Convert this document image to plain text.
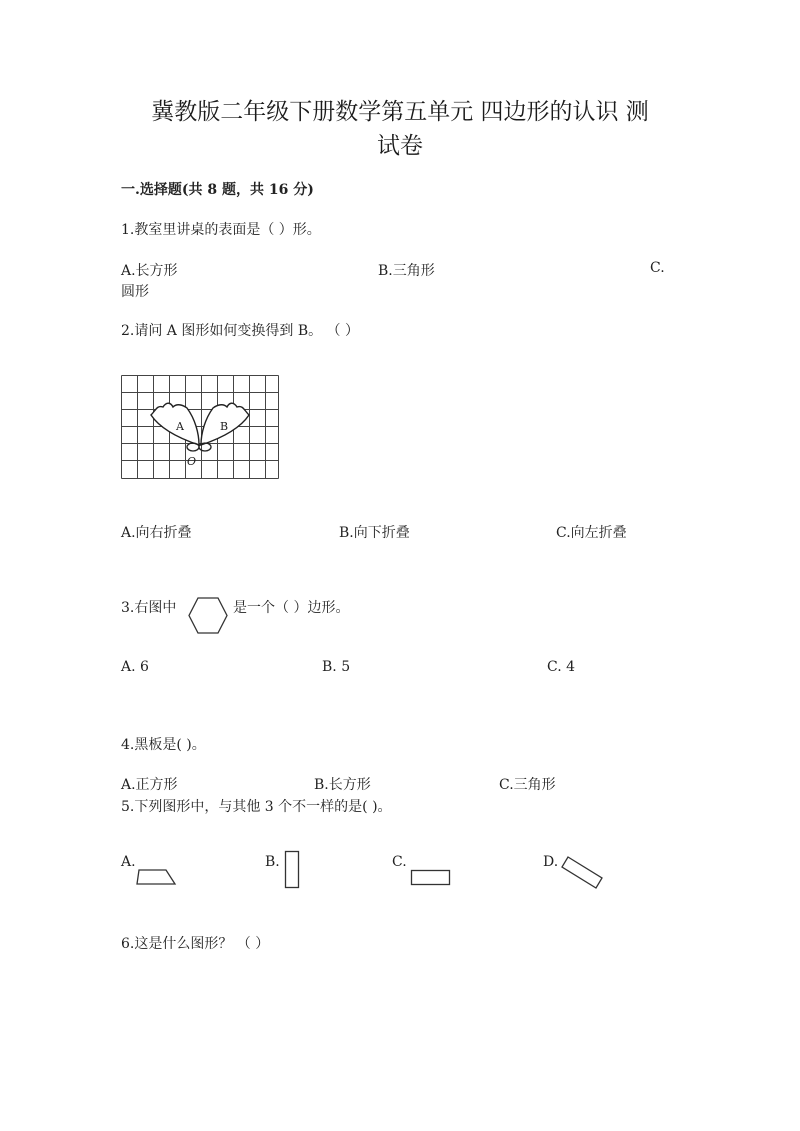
冀教版二年级下册数学第五单元 四边形的认识 测
试卷
一.选择题(共 8 题，共 16 分)
1.教室里讲桌的表面是（ ）形。
A.长方形	B.三角形	C.
圆形
2.请问 A 图形如何变换得到 B。 （ ）
A	B
O
A.向右折叠	B.向下折叠	C.向左折叠
3.右图中	是一个（ ）边形。
A. 6	B. 5	C. 4
4.黑板是( )。
A.正方形	B.长方形	C.三角形
5.下列图形中，与其他 3 个不一样的是( )。
A.	B.	C.	D.
6.这是什么图形？ （ ）
